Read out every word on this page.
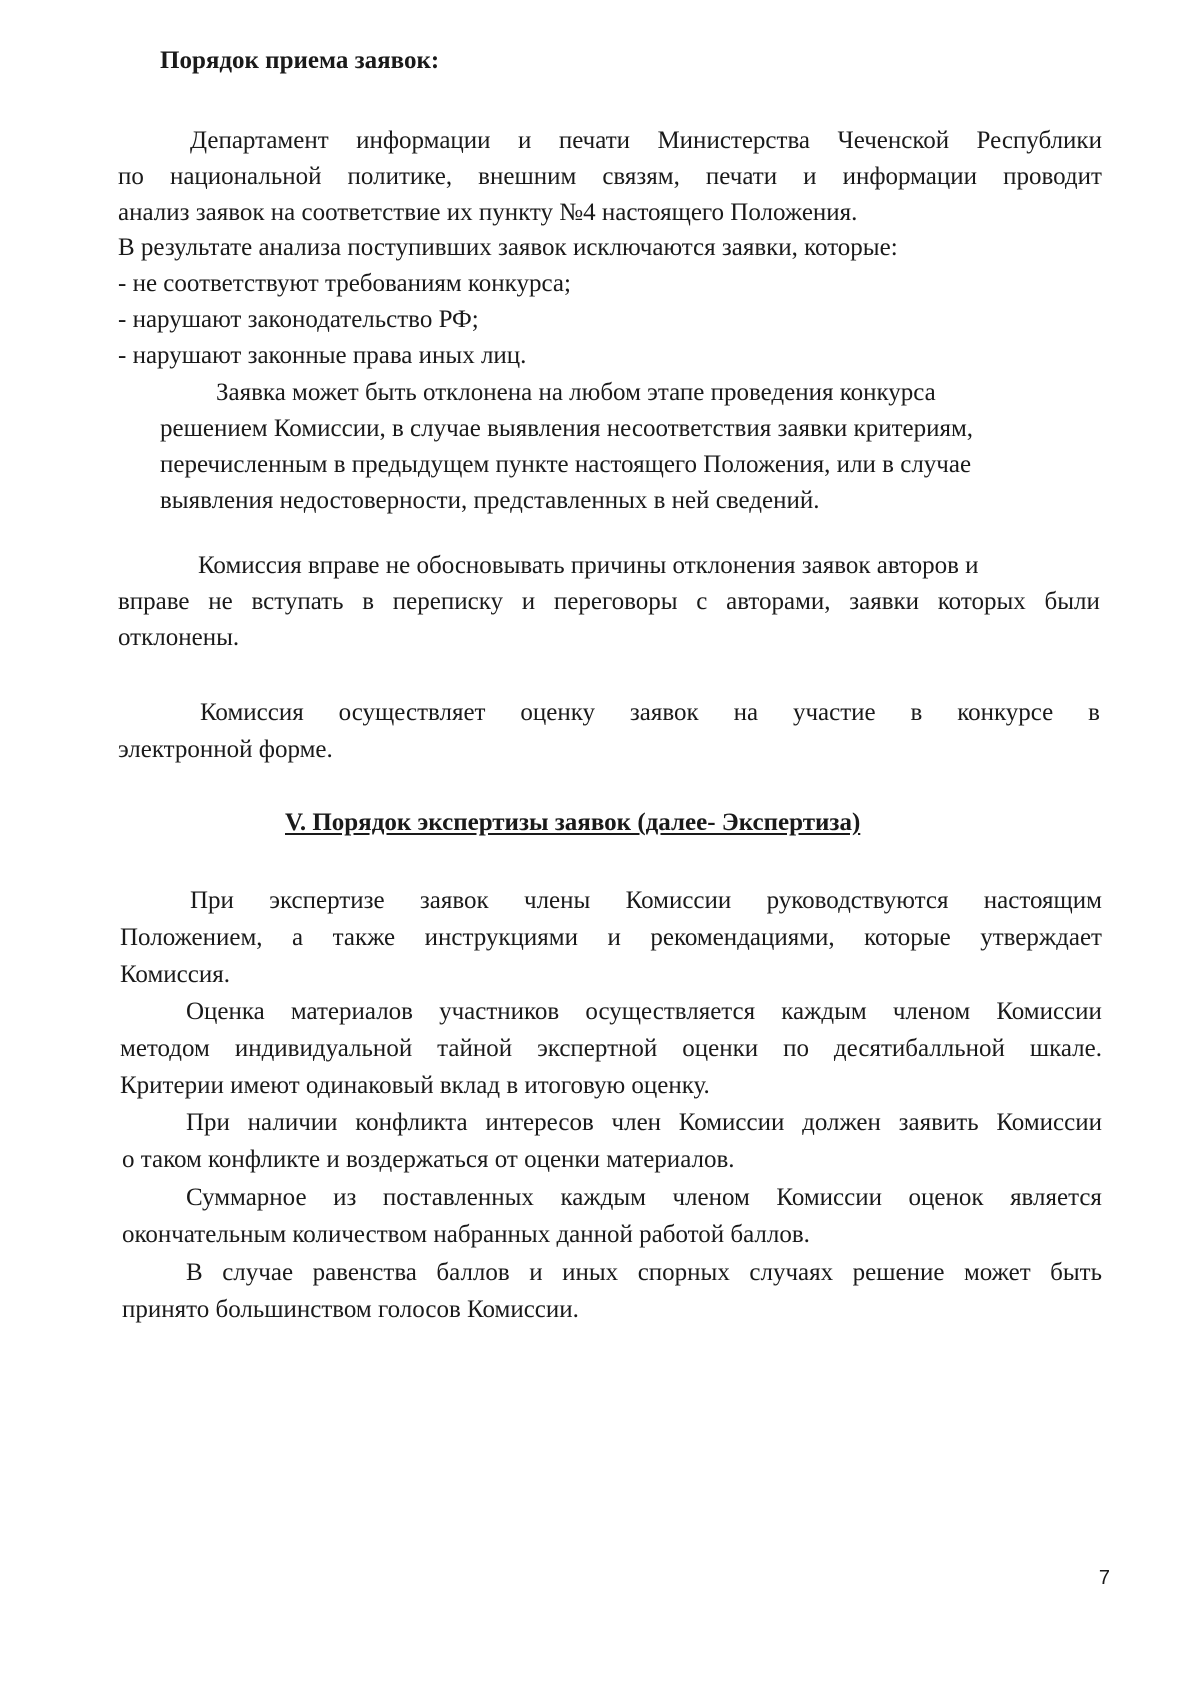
Порядок приема заявок:
Департамент информации и печати Министерства Чеченской Республики
по национальной политике, внешним связям, печати и информации проводит
анализ заявок на соответствие их пункту №4 настоящего Положения.
В результате анализа поступивших заявок исключаются заявки, которые:
- не соответствуют требованиям конкурса;
- нарушают законодательство РФ;
- нарушают законные права иных лиц.
Заявка может быть отклонена на любом этапе проведения конкурса
решением Комиссии, в случае выявления несоответствия заявки критериям,
перечисленным в предыдущем пункте настоящего Положения, или в случае
выявления недостоверности, представленных в ней сведений.
Комиссия вправе не обосновывать причины отклонения заявок авторов и
вправе не вступать в переписку и переговоры с авторами, заявки которых были
отклонены.
Комиссия осуществляет оценку заявок на участие в конкурсе в
электронной форме.
V. Порядок экспертизы заявок (далее- Экспертиза)
При экспертизе заявок члены Комиссии руководствуются настоящим
Положением, а также инструкциями и рекомендациями, которые утверждает
Комиссия.
Оценка материалов участников осуществляется каждым членом Комиссии
методом индивидуальной тайной экспертной оценки по десятибалльной шкале.
Критерии имеют одинаковый вклад в итоговую оценку.
При наличии конфликта интересов член Комиссии должен заявить Комиссии
о таком конфликте и воздержаться от оценки материалов.
Суммарное из поставленных каждым членом Комиссии оценок является
окончательным количеством набранных данной работой баллов.
В случае равенства баллов и иных спорных случаях решение может быть
принято большинством голосов Комиссии.
7
